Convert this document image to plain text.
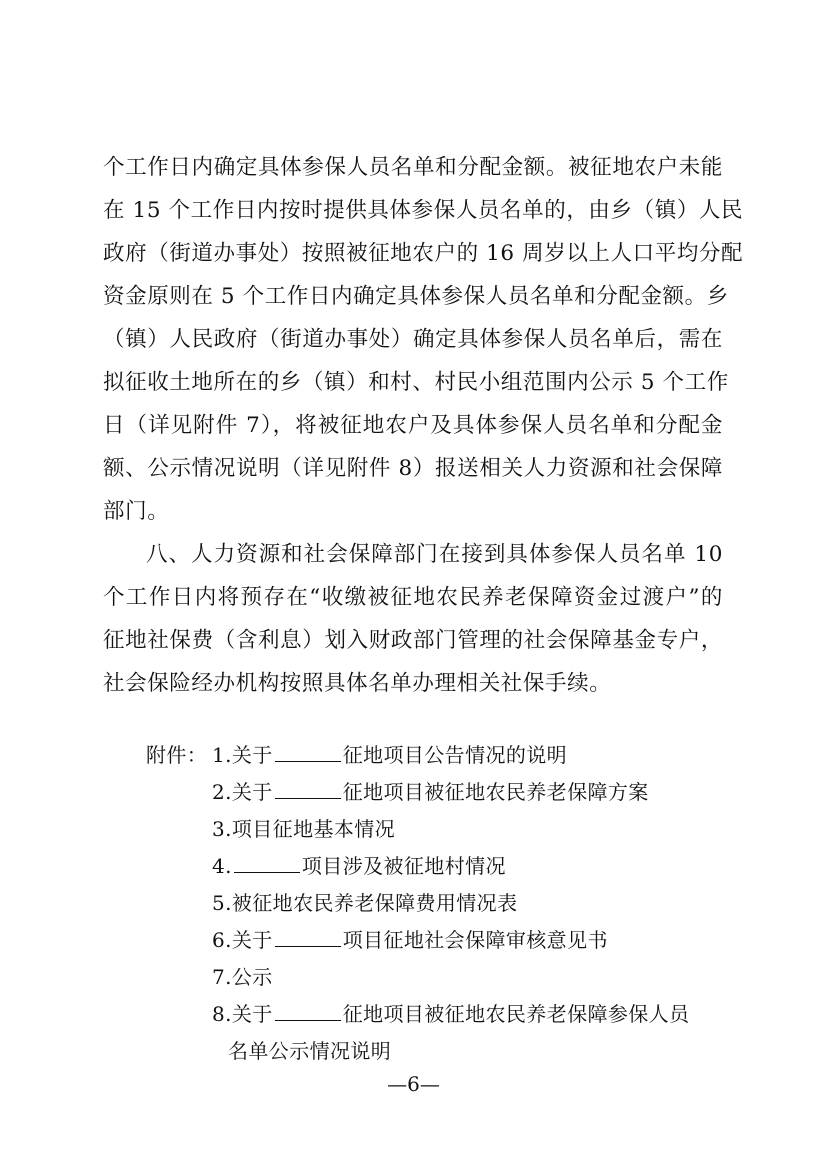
个工作日内确定具体参保人员名单和分配金额。被征地农户未能
在 15 个工作日内按时提供具体参保人员名单的，由乡（镇）人民
政府（街道办事处）按照被征地农户的 16 周岁以上人口平均分配
资金原则在 5 个工作日内确定具体参保人员名单和分配金额。乡
（镇）人民政府（街道办事处）确定具体参保人员名单后，需在
拟征收土地所在的乡（镇）和村、村民小组范围内公示 5 个工作
日（详见附件 7），将被征地农户及具体参保人员名单和分配金
额、公示情况说明（详见附件 8）报送相关人力资源和社会保障
部门。
八、人力资源和社会保障部门在接到具体参保人员名单 10
个工作日内将预存在“收缴被征地农民养老保障资金过渡户”的
征地社保费（含利息）划入财政部门管理的社会保障基金专户，
社会保险经办机构按照具体名单办理相关社保手续。
附件： 1.关于	征地项目公告情况的说明
2.关于	征地项目被征地农民养老保障方案
3.项目征地基本情况
4.	项目涉及被征地村情况
5.被征地农民养老保障费用情况表
6.关于	项目征地社会保障审核意见书
7.公示
8.关于	征地项目被征地农民养老保障参保人员
名单公示情况说明
—6—
